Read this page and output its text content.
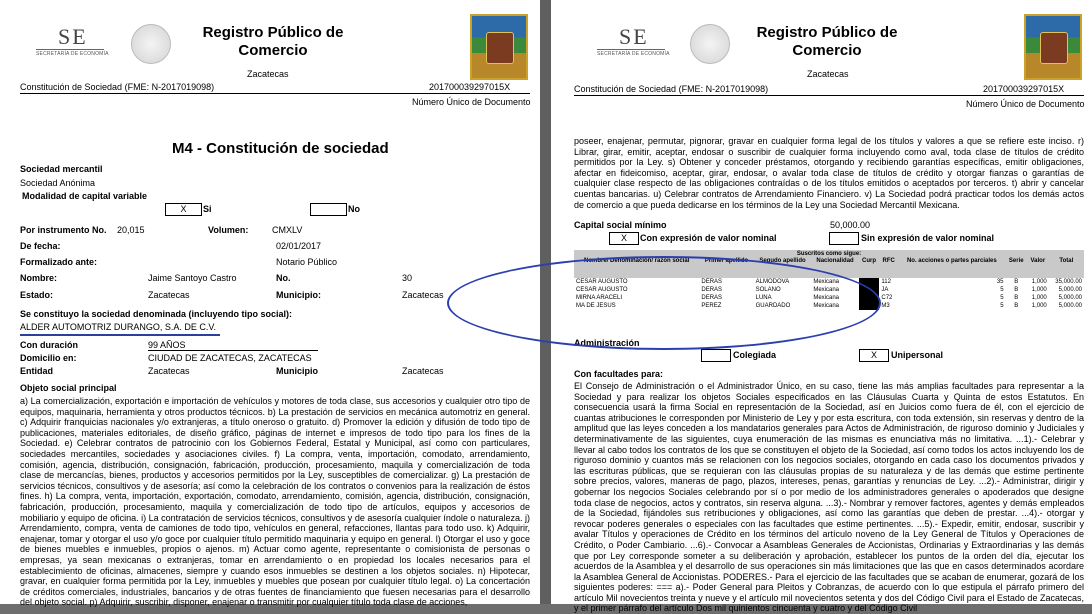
SE
SECRETARÍA DE ECONOMÍA
Registro Público de
Comercio
Zacatecas
Constitución de Sociedad (FME: N-2017019098)	201700039297015X
Número Único de Documento
M4 - Constitución de sociedad
Sociedad mercantil
Sociedad Anónima
Modalidad de capital variable
X	Si	No
Por instrumento No. 20,015	Volumen:	CMXLV
De fecha:	02/01/2017
Formalizado ante:	Notario Público
Nombre:	Jaime Santoyo Castro	No.	30
Estado:	Zacatecas	Municipio:	Zacatecas
Se constituyo la sociedad denominada (incluyendo tipo social):
ALDER AUTOMOTRIZ DURANGO, S.A. DE C.V.
Con duración	99 AÑOS
Domicilio en:	CIUDAD DE ZACATECAS, ZACATECAS
Entidad	Zacatecas	Municipio	Zacatecas
Objeto social principal
a) La comercialización, exportación e importación de vehículos y motores de toda clase, sus accesorios y cualquier otro tipo de equipos, maquinaria, herramienta y otros productos técnicos. b) La prestación de servicios en mecánica automotriz en general. c) Adquirir franquicias nacionales y/o extranjeras, a título oneroso o gratuito. d) Promover la edición y difusión de todo tipo de publicaciones, materiales editoriales, de diseño gráfico, páginas de internet e impresos de todo tipo para los fines de la Sociedad. e) Celebrar contratos de patrocinio con los Gobiernos Federal, Estatal y Municipal, así como con particulares, sociedades mercantiles, sociedades y asociaciones civiles. f) La compra, venta, importación, comodato, arrendamiento, comisión, agencia, distribución, consignación, fabricación, producción, procesamiento, maquila y comercialización de toda clase de mercancías, bienes, productos y accesorios permitidos por la Ley, susceptibles de comercializar. g) La prestación de servicios técnicos, consultivos y de asesoría; así como la celebración de los contratos o convenios para la realización de éstos fines. h) La compra, venta, importación, exportación, comodato, arrendamiento, comisión, agencia, distribución, consignación, fabricación, producción, procesamiento, maquila y comercialización de todo tipo de artículos, equipos y accesorios de mobiliario y equipo de oficina. i) La contratación de servicios técnicos, consultivos y de asesoría cualquier índole o naturaleza. j) Arrendamiento, compra, venta de camiones de todo tipo, vehículos en general, refacciones, llantas para todo uso. k) Adquirir, enajenar, tomar y otorgar el uso y/o goce por cualquier título permitido maquinaria y equipo en general. l) Otorgar el uso y goce de bienes muebles e inmuebles, propios o ajenos. m) Actuar como agente, representante o comisionista de personas o empresas, ya sean mexicanas o extranjeras, tomar en arrendamiento o en propiedad los locales necesarios para el establecimiento de oficinas, almacenes, siempre y cuando esos inmuebles se destinen a los objetos sociales. n) Hipotecar, gravar, en cualquier forma permitida por la Ley, inmuebles y muebles que posean por cualquier título legal. o) La concertación de créditos comerciales, industriales, bancarios y de otras fuentes de financiamiento que fuesen necesarias para el desarrollo del objeto social. p) Adquirir, suscribir, disponer, enajenar o transmitir por cualquier título toda clase de acciones,
SE
SECRETARÍA DE ECONOMÍA
Registro Público de
Comercio
Zacatecas
Constitución de Sociedad (FME: N-2017019098)	201700039297015X
Número Único de Documento
poseer, enajenar, permutar, pignorar, gravar en cualquier forma legal de los títulos y valores a que se refiere este inciso. r) Librar, girar, emitir, aceptar, endosar o suscribir de cualquier forma incluyendo como aval, toda clase de títulos de crédito permitidos por la Ley. s) Obtener y conceder préstamos, otorgando y recibiendo garantías específicas, emitir obligaciones, afectar en fideicomiso, aceptar, girar, endosar, o avalar toda clase de títulos de crédito y otorgar fianzas o garantías de cualquier clase respecto de las obligaciones contraídas o de los títulos emitidos o aceptados por terceros. t) abrir y cancelar cuentas bancarias. u) Celebrar contratos de Arrendamiento Financiero. v) La Sociedad podrá practicar todos los demás actos de comercio a que pueda dedicarse en los términos de la Ley una Sociedad Mercantil Mexicana.
Capital social mínimo	50,000.00
X	Con expresión de valor nominal	Sin expresión de valor nominal
Suscritos como sigue:									
Nombre/ Denominación/ razón social	Primer apellido	Segudo apellido	Nacionalidad	Curp	RFC	No. acciones o partes parciales	Serie	Valor	Total
CESAR AUGUSTO	DERAS	ALMODOVA	Mexicana		112	35	B	1,000	35,000.00
CESAR AUGUSTO	DERAS	SOLANO	Mexicana		JA	5	B	1,000	5,000.00
MIRNA ARACELI	DERAS	LUNA	Mexicana		C72	5	B	1,000	5,000.00
MA DE JESUS	PEREZ	GUARDADO	Mexicana		M3	5	B	1,000	5,000.00
Administración
Colegiada	X	Unipersonal
Con facultades para:
El Consejo de Administración o el Administrador Único, en su caso, tiene las más amplias facultades para representar a la Sociedad y para realizar los objetos Sociales especificados en las Cláusulas Cuarta y Quinta de estos Estatutos. En consecuencia usará la firma Social en representación de la Sociedad, así en Juicios como fuera de él, con el ejercicio de cuantas atribuciones le corresponden por Ministerio de Ley y por esta escritura, con toda extensión, sin reservas y dentro de la amplitud que las leyes conceden a los mandatarios generales para Actos de Administración, de riguroso dominio y Judiciales y determinativamente de las siguientes, cuya enumeración de las mismas es enunciativa más no limitativa. ...1).- Celebrar y llevar al cabo todos los contratos de los que se constituyen el objeto de la Sociedad, así como todos los actos incluyendo los de riguroso dominio y cuantos más se relacionen con los negocios sociales, otorgando en cada caso los documentos privados y las escrituras públicas, que se requieran con las cláusulas propias de su naturaleza y de las demás que estime pertinente sobre precios, valores, maneras de pago, plazos, intereses, penas, garantías y renuncias de Ley. ...2).- Administrar, dirigir y gobernar los negocios Sociales celebrando por sí o por medio de los administradores generales o apoderados que designe toda clase de negocios, actos y contratos, sin reserva alguna. ...3).- Nombrar y remover factores, agentes y demás empleados de la Sociedad, fijándoles sus retribuciones y obligaciones, así como las garantías que deben de prestar. ...4).- otorgar y revocar poderes generales o especiales con las facultades que estime pertinentes. ...5).- Expedir, emitir, endosar, suscribir y avalar Títulos y operaciones de Crédito en los términos del artículo noveno de la Ley General de Títulos y Operaciones de Crédito, o Poder Cambiario. ...6).- Convocar a Asambleas Generales de Accionistas, Ordinarias y Extraordinarias y las demás que por Ley corresponde someter a su deliberación y aprobación, establecer los puntos de la orden del día, ejecutar los acuerdos de la Asamblea y el desarrollo de sus operaciones sin más limitaciones que las que en casos determinados acordare la Asamblea General de Accionistas. PODERES.- Para el ejercicio de las facultades que se acaban de enumerar, gozará de los siguientes poderes: === a).- Poder General para Pleitos y Cobranzas, de acuerdo con lo que estipula el párrafo primero del artículo Mil novecientos treinta y nueve y el artículo mil novecientos setenta y dos del Código Civil para el Estado de Zacatecas, y el primer párrafo del artículo Dos mil quinientos cincuenta y cuatro y del Código Civil
